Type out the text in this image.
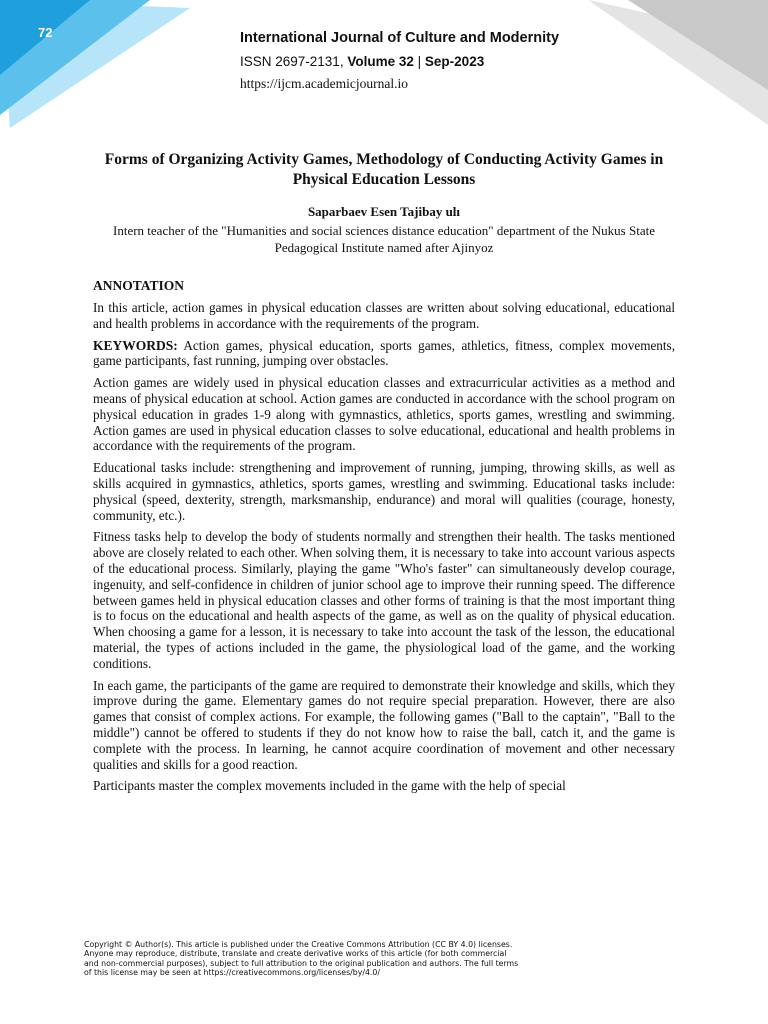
72	International Journal of Culture and Modernity
ISSN 2697-2131, Volume 32 | Sep-2023
https://ijcm.academicjournal.io
Forms of Organizing Activity Games, Methodology of Conducting Activity Games in Physical Education Lessons
Saparbaev Esen Tajibay ulı
Intern teacher of the "Humanities and social sciences distance education" department of the Nukus State Pedagogical Institute named after Ajinyoz
ANNOTATION

In this article, action games in physical education classes are written about solving educational, educational and health problems in accordance with the requirements of the program.

KEYWORDS: Action games, physical education, sports games, athletics, fitness, complex movements, game participants, fast running, jumping over obstacles.

Action games are widely used in physical education classes and extracurricular activities as a method and means of physical education at school. Action games are conducted in accordance with the school program on physical education in grades 1-9 along with gymnastics, athletics, sports games, wrestling and swimming. Action games are used in physical education classes to solve educational, educational and health problems in accordance with the requirements of the program.

Educational tasks include: strengthening and improvement of running, jumping, throwing skills, as well as skills acquired in gymnastics, athletics, sports games, wrestling and swimming. Educational tasks include: physical (speed, dexterity, strength, marksmanship, endurance) and moral will qualities (courage, honesty, community, etc.).

Fitness tasks help to develop the body of students normally and strengthen their health. The tasks mentioned above are closely related to each other. When solving them, it is necessary to take into account various aspects of the educational process. Similarly, playing the game "Who's faster" can simultaneously develop courage, ingenuity, and self-confidence in children of junior school age to improve their running speed. The difference between games held in physical education classes and other forms of training is that the most important thing is to focus on the educational and health aspects of the game, as well as on the quality of physical education. When choosing a game for a lesson, it is necessary to take into account the task of the lesson, the educational material, the types of actions included in the game, the physiological load of the game, and the working conditions.

In each game, the participants of the game are required to demonstrate their knowledge and skills, which they improve during the game. Elementary games do not require special preparation. However, there are also games that consist of complex actions. For example, the following games ("Ball to the captain", "Ball to the middle") cannot be offered to students if they do not know how to raise the ball, catch it, and the game is complete with the process. In learning, he cannot acquire coordination of movement and other necessary qualities and skills for a good reaction.

Participants master the complex movements included in the game with the help of special

Copyright © Author(s). This article is published under the Creative Commons Attribution (CC BY 4.0) licenses.
Anyone may reproduce, distribute, translate and create derivative works of this article (for both commercial
and non-commercial purposes), subject to full attribution to the original publication and authors. The full terms
of this license may be seen at https://creativecommons.org/licenses/by/4.0/
